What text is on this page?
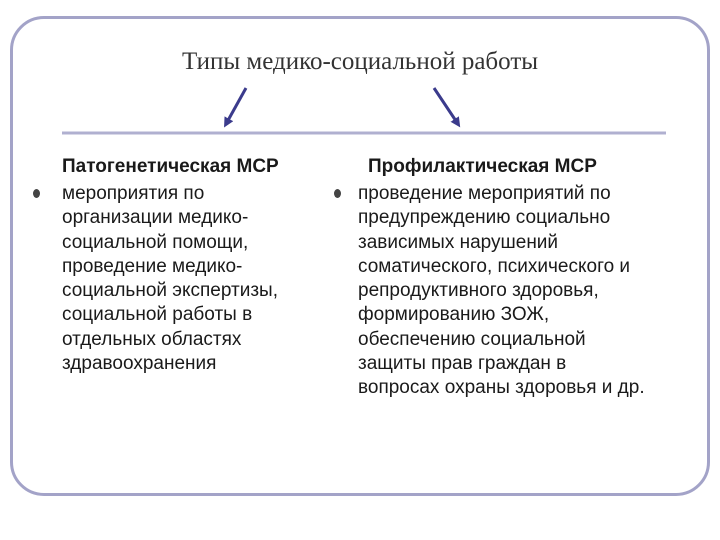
Типы медико-социальной работы
Патогенетическая МСР
мероприятия по
организации медико-
социальной помощи,
проведение медико-
социальной экспертизы,
социальной работы в
отдельных областях
здравоохранения
Профилактическая МСР
проведение мероприятий по
предупреждению социально
зависимых нарушений
соматического, психического и
репродуктивного здоровья,
формированию ЗОЖ,
обеспечению социальной
защиты прав граждан в
вопросах охраны здоровья и др.
